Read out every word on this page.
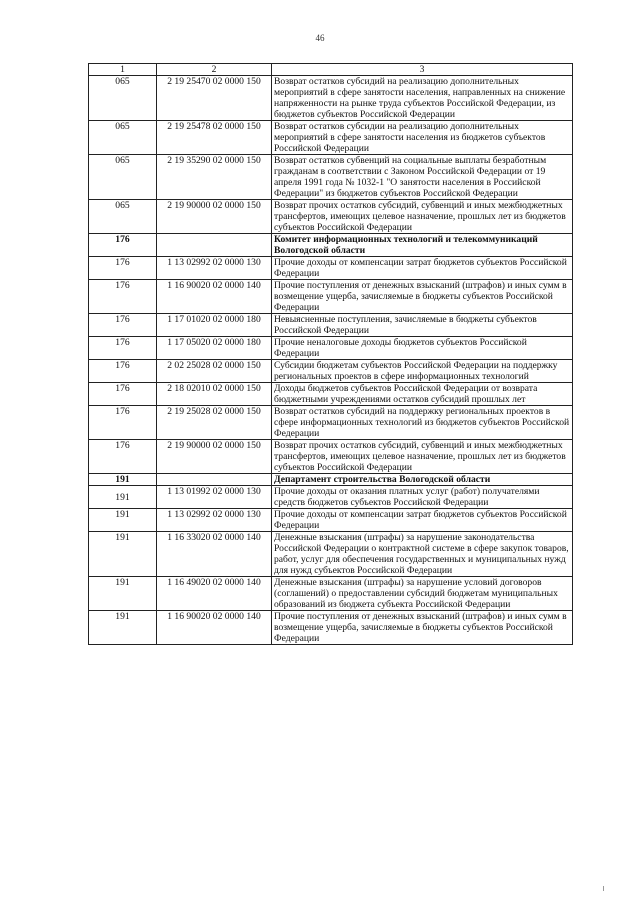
46
1	2	3
065	2 19 25470 02 0000 150	Возврат остатков субсидий на реализацию дополнительных мероприятий в сфере занятости населения, направленных на снижение напряженности на рынке труда субъектов Российской Федерации, из бюджетов субъектов Российской Федерации
065	2 19 25478 02 0000 150	Возврат остатков субсидии на реализацию дополнительных мероприятий в сфере занятости населения из бюджетов субъектов Российской Федерации
065	2 19 35290 02 0000 150	Возврат остатков субвенций на социальные выплаты безработным гражданам в соответствии с Законом Российской Федерации от 19 апреля 1991 года № 1032-1 "О занятости населения в Российской Федерации" из бюджетов субъектов Российской Федерации
065	2 19 90000 02 0000 150	Возврат прочих остатков субсидий, субвенций и иных межбюджетных трансфертов, имеющих целевое назначение, прошлых лет из бюджетов субъектов Российской Федерации
176		Комитет информационных технологий и телекоммуникаций Вологодской области
176	1 13 02992 02 0000 130	Прочие доходы от компенсации затрат бюджетов субъектов Российской Федерации
176	1 16 90020 02 0000 140	Прочие поступления от денежных взысканий (штрафов) и иных сумм в возмещение ущерба, зачисляемые в бюджеты субъектов Российской Федерации
176	1 17 01020 02 0000 180	Невыясненные поступления, зачисляемые в бюджеты субъектов Российской Федерации
176	1 17 05020 02 0000 180	Прочие неналоговые доходы бюджетов субъектов Российской Федерации
176	2 02 25028 02 0000 150	Субсидии бюджетам субъектов Российской Федерации на поддержку региональных проектов в сфере информационных технологий
176	2 18 02010 02 0000 150	Доходы бюджетов субъектов Российской Федерации от возврата бюджетными учреждениями остатков субсидий прошлых лет
176	2 19 25028 02 0000 150	Возврат остатков субсидий на поддержку региональных проектов в сфере информационных технологий из бюджетов субъектов Российской Федерации
176	2 19 90000 02 0000 150	Возврат прочих остатков субсидий, субвенций и иных межбюджетных трансфертов, имеющих целевое назначение, прошлых лет из бюджетов субъектов Российской Федерации
191		Департамент строительства Вологодской области
191	1 13 01992 02 0000 130	Прочие доходы от оказания платных услуг (работ) получателями средств бюджетов субъектов Российской Федерации
191	1 13 02992 02 0000 130	Прочие доходы от компенсации затрат бюджетов субъектов Российской Федерации
191	1 16 33020 02 0000 140	Денежные взыскания (штрафы) за нарушение законодательства Российской Федерации о контрактной системе в сфере закупок товаров, работ, услуг для обеспечения государственных и муниципальных нужд для нужд субъектов Российской Федерации
191	1 16 49020 02 0000 140	Денежные взыскания (штрафы) за нарушение условий договоров (соглашений) о предоставлении субсидий бюджетам муниципальных образований из бюджета субъекта Российской Федерации
191	1 16 90020 02 0000 140	Прочие поступления от денежных взысканий (штрафов) и иных сумм в возмещение ущерба, зачисляемые в бюджеты субъектов Российской Федерации
